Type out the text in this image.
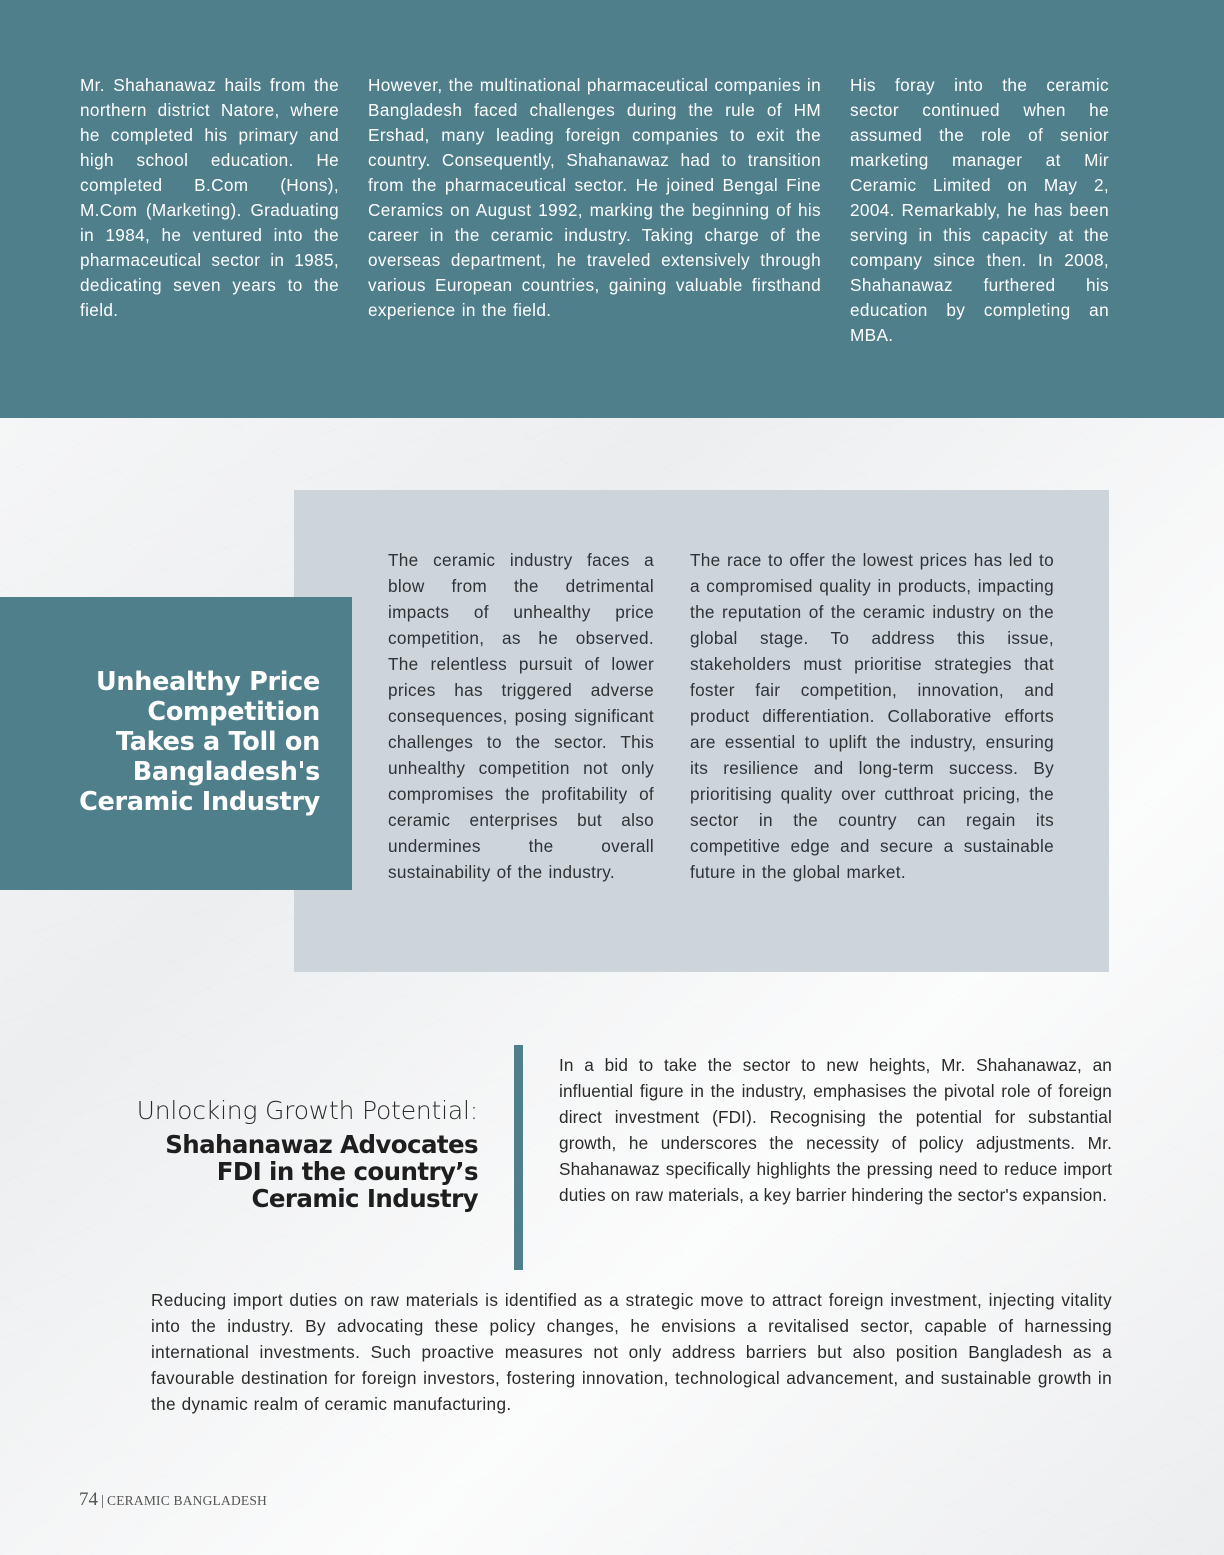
Mr. Shahanawaz hails from the northern district Natore, where he completed his primary and high school education. He completed B.Com (Hons), M.Com (Marketing). Graduating in 1984, he ventured into the pharmaceutical sector in 1985, dedicating seven years to the field.
However, the multinational pharmaceutical companies in Bangladesh faced challenges during the rule of HM Ershad, many leading foreign companies to exit the country. Consequently, Shahanawaz had to transition from the pharmaceutical sector. He joined Bengal Fine Ceramics on August 1992, marking the beginning of his career in the ceramic industry. Taking charge of the overseas department, he traveled extensively through various European countries, gaining valuable firsthand experience in the field.
His foray into the ceramic sector continued when he assumed the role of senior marketing manager at Mir Ceramic Limited on May 2, 2004. Remarkably, he has been serving in this capacity at the company since then. In 2008, Shahanawaz furthered his education by completing an MBA.
The ceramic industry faces a blow from the detrimental impacts of unhealthy price competition, as he observed. The relentless pursuit of lower prices has triggered adverse consequences, posing significant challenges to the sector. This unhealthy competition not only compromises the profitability of ceramic enterprises but also undermines the overall sustainability of the industry.
The race to offer the lowest prices has led to a compromised quality in products, impacting the reputation of the ceramic industry on the global stage. To address this issue, stakeholders must prioritise strategies that foster fair competition, innovation, and product differentiation. Collaborative efforts are essential to uplift the industry, ensuring its resilience and long-term success. By prioritising quality over cutthroat pricing, the sector in the country can regain its competitive edge and secure a sustainable future in the global market.
Unhealthy Price
Competition
Takes a Toll on
Bangladesh's
Ceramic Industry
Unlocking Growth Potential:
Shahanawaz Advocates
FDI in the country’s
Ceramic Industry
In a bid to take the sector to new heights, Mr. Shahanawaz, an influential figure in the industry, emphasises the pivotal role of foreign direct investment (FDI). Recognising the potential for substantial growth, he underscores the necessity of policy adjustments. Mr. Shahanawaz specifically highlights the pressing need to reduce import duties on raw materials, a key barrier hindering the sector's expansion.
Reducing import duties on raw materials is identified as a strategic move to attract foreign investment, injecting vitality into the industry. By advocating these policy changes, he envisions a revitalised sector, capable of harnessing international investments. Such proactive measures not only address barriers but also position Bangladesh as a favourable destination for foreign investors, fostering innovation, technological advancement, and sustainable growth in the dynamic realm of ceramic manufacturing.
74 | CERAMIC BANGLADESH
